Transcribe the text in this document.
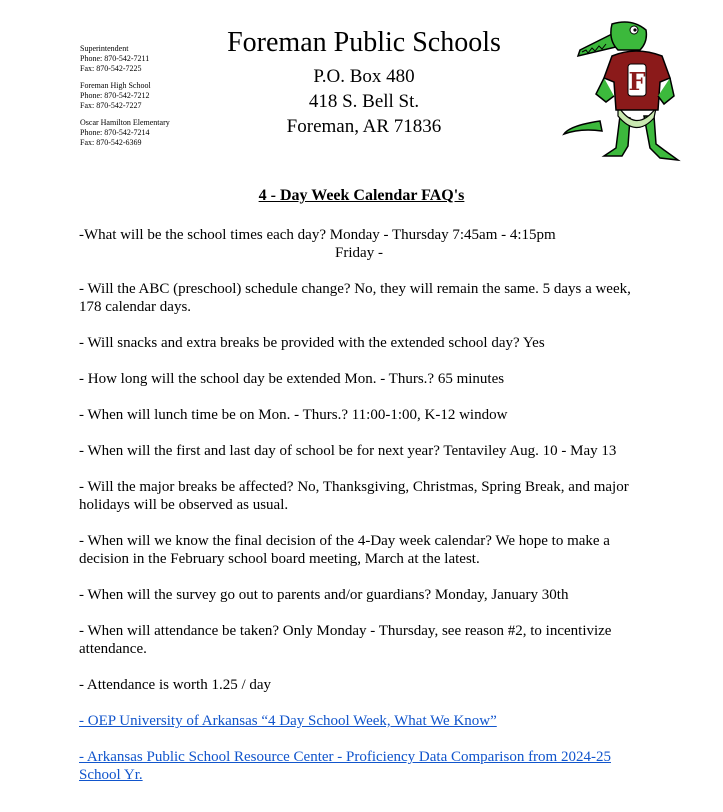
Superintendent
Phone: 870-542-7211
Fax: 870-542-7225
Foreman High School
Phone: 870-542-7212
Fax: 870-542-7227
Oscar Hamilton Elementary
Phone: 870-542-7214
Fax: 870-542-6369
Foreman Public Schools
P.O. Box 480
418 S. Bell St.
Foreman, AR 71836
F
4 - Day Week Calendar FAQ's
-What will be the school times each day? Monday - Thursday 7:45am - 4:15pm
Friday -
- Will the ABC (preschool) schedule change? No, they will remain the same. 5 days a week, 178 calendar days.
- Will snacks and extra breaks be provided with the extended school day? Yes
- How long will the school day be extended Mon. - Thurs.? 65 minutes
- When will lunch time be on Mon. - Thurs.? 11:00-1:00, K-12 window
- When will the first and last day of school be for next year? Tentaviley Aug. 10 - May 13
- Will the major breaks be affected? No, Thanksgiving, Christmas, Spring Break, and major holidays will be observed as usual.
- When will we know the final decision of the 4-Day week calendar? We hope to make a decision in the February school board meeting, March at the latest.
- When will the survey go out to parents and/or guardians? Monday, January 30th
- When will attendance be taken? Only Monday - Thursday, see reason #2, to incentivize attendance.
- Attendance is worth 1.25 / day
- OEP University of Arkansas “4 Day School Week, What We Know”
- Arkansas Public School Resource Center - Proficiency Data Comparison from 2024-25 School Yr.
